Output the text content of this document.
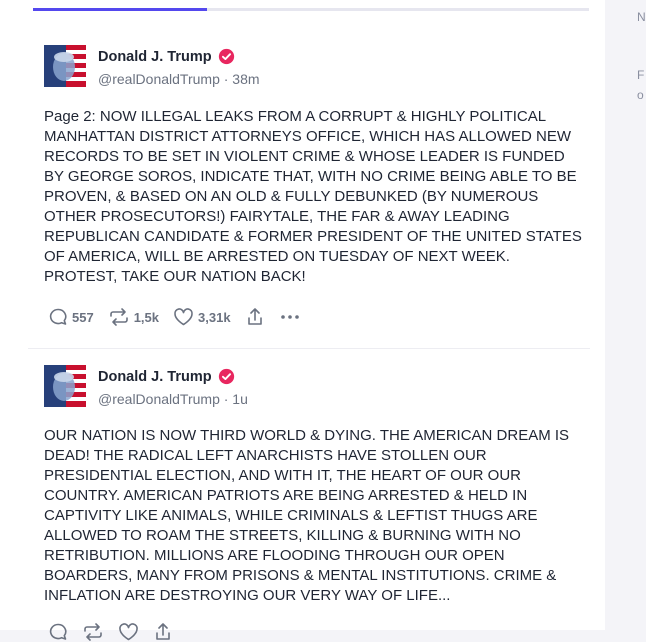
Donald J. Trump
@realDonaldTrump · 38m

Page 2: NOW ILLEGAL LEAKS FROM A CORRUPT & HIGHLY POLITICAL MANHATTAN DISTRICT ATTORNEYS OFFICE, WHICH HAS ALLOWED NEW RECORDS TO BE SET IN VIOLENT CRIME & WHOSE LEADER IS FUNDED BY GEORGE SOROS, INDICATE THAT, WITH NO CRIME BEING ABLE TO BE PROVEN, & BASED ON AN OLD & FULLY DEBUNKED (BY NUMEROUS OTHER PROSECUTORS!) FAIRYTALE, THE FAR & AWAY LEADING REPUBLICAN CANDIDATE & FORMER PRESIDENT OF THE UNITED STATES OF AMERICA, WILL BE ARRESTED ON TUESDAY OF NEXT WEEK. PROTEST, TAKE OUR NATION BACK!

557	1,5k	3,31k
Donald J. Trump
@realDonaldTrump · 1u

OUR NATION IS NOW THIRD WORLD & DYING. THE AMERICAN DREAM IS DEAD! THE RADICAL LEFT ANARCHISTS HAVE STOLLEN OUR PRESIDENTIAL ELECTION, AND WITH IT, THE HEART OF OUR OUR COUNTRY. AMERICAN PATRIOTS ARE BEING ARRESTED & HELD IN CAPTIVITY LIKE ANIMALS, WHILE CRIMINALS & LEFTIST THUGS ARE ALLOWED TO ROAM THE STREETS, KILLING & BURNING WITH NO RETRIBUTION. MILLIONS ARE FLOODING THROUGH OUR OPEN BOARDERS, MANY FROM PRISONS & MENTAL INSTITUTIONS. CRIME & INFLATION ARE DESTROYING OUR VERY WAY OF LIFE...

N
F
o
